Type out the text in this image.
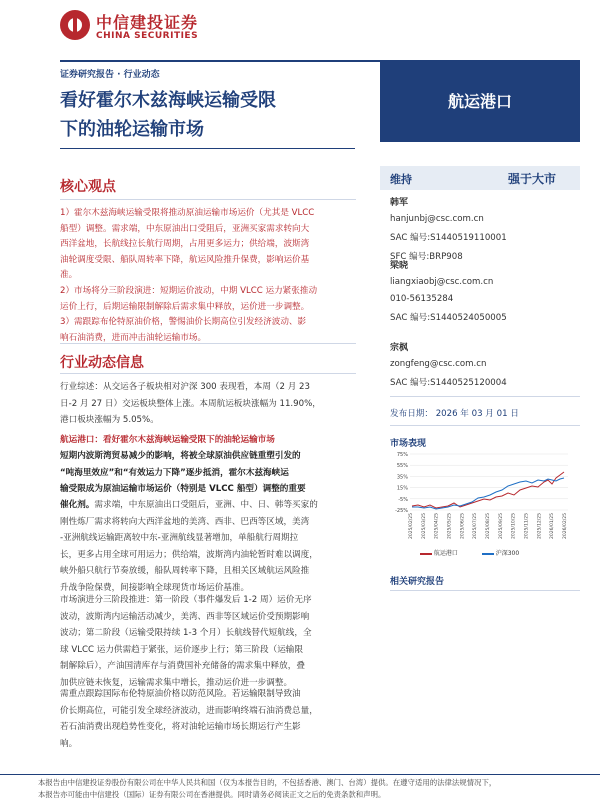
中信建投证券
CHINA SECURITIES
证券研究报告 · 行业动态
看好霍尔木兹海峡运输受限
下的油轮运输市场
航运港口
核心观点
1）霍尔木兹海峡运输受限将推动原油运输市场运价（尤其是 VLCC
船型）调整。需求端，中东原油出口受阻后，亚洲买家需求转向大
西洋盆地，长航线拉长航行周期，占用更多运力；供给端，波斯湾
油轮调度受限、船队周转率下降，航运风险推升保费，影响运价基
准。
2）市场将分三阶段演进：短期运价波动，中期 VLCC 运力紧张推动
运价上行，后期运输限制解除后需求集中释放，运价进一步调整。
3）需跟踪布伦特原油价格，警惕油价长期高位引发经济波动、影
响石油消费，进而冲击油轮运输市场。
行业动态信息
行业综述：从交运各子板块相对沪深 300 表现看，本周（2 月 23
日-2 月 27 日）交运板块整体上涨。本周航运板块涨幅为 11.90%，
港口板块涨幅为 5.05%。
航运港口：看好霍尔木兹海峡运输受限下的油轮运输市场
短期内波斯湾贸易减少的影响，将被全球原油供应链重塑引发的
“吨海里效应”和“有效运力下降”逐步抵消，霍尔木兹海峡运
输受限成为原油运输市场运价（特别是 VLCC 船型）调整的重要
催化剂。需求端，中东原油出口受阻后，亚洲、中、日、韩等买家的
刚性炼厂需求将转向大西洋盆地的美湾、西非、巴西等区域，美湾
-亚洲航线运输距离较中东-亚洲航线显著增加，单船航行周期拉
长，更多占用全球可用运力；供给端，波斯湾内油轮暂时难以调度，
峡外船只航行节奏放缓，船队周转率下降，且相关区域航运风险推
升战争险保费，间接影响全球现货市场运价基准。
市场演进分三阶段推进：第一阶段（事件爆发后 1-2 周）运价无序
波动，波斯湾内运输活动减少，美湾、西非等区域运价受预期影响
波动；第二阶段（运输受限持续 1-3 个月）长航线替代短航线，全
球 VLCC 运力供需趋于紧张，运价逐步上行；第三阶段（运输限
制解除后），产油国清库存与消费国补充储备的需求集中释放，叠
加供应链未恢复，运输需求集中增长，推动运价进一步调整。
需重点跟踪国际布伦特原油价格以防范风险。若运输限制导致油
价长期高位，可能引发全球经济波动，进而影响终端石油消费总量，
若石油消费出现趋势性变化，将对油轮运输市场长期运行产生影
响。
维持	强于大市
韩军
hanjunbj@csc.com.cn
SAC 编号:S1440519110001
SFC 编号:BRP908
梁晓
liangxiaobj@csc.com.cn
010-56135284
SAC 编号:S1440524050005
宗枫
zongfeng@csc.com.cn
SAC 编号:S1440525120004
发布日期： 2026 年 03 月 01 日
市场表现
75%
55%
35%
15%
-5%
-25%
2025/02/25 2025/03/25 2025/04/25 2025/05/25 2025/06/25 2025/07/25 2025/08/25 2025/09/25 2025/10/25 2025/11/25 2025/12/25 2026/01/25 2026/02/25
航运港口	沪深300
相关研究报告
本报告由中信建投证券股份有限公司在中华人民共和国（仅为本报告目的，不包括香港、澳门、台湾）提供。在遵守适用的法律法规情况下，
本报告亦可能由中信建投（国际）证券有限公司在香港提供。同时请务必阅读正文之后的免责条款和声明。
